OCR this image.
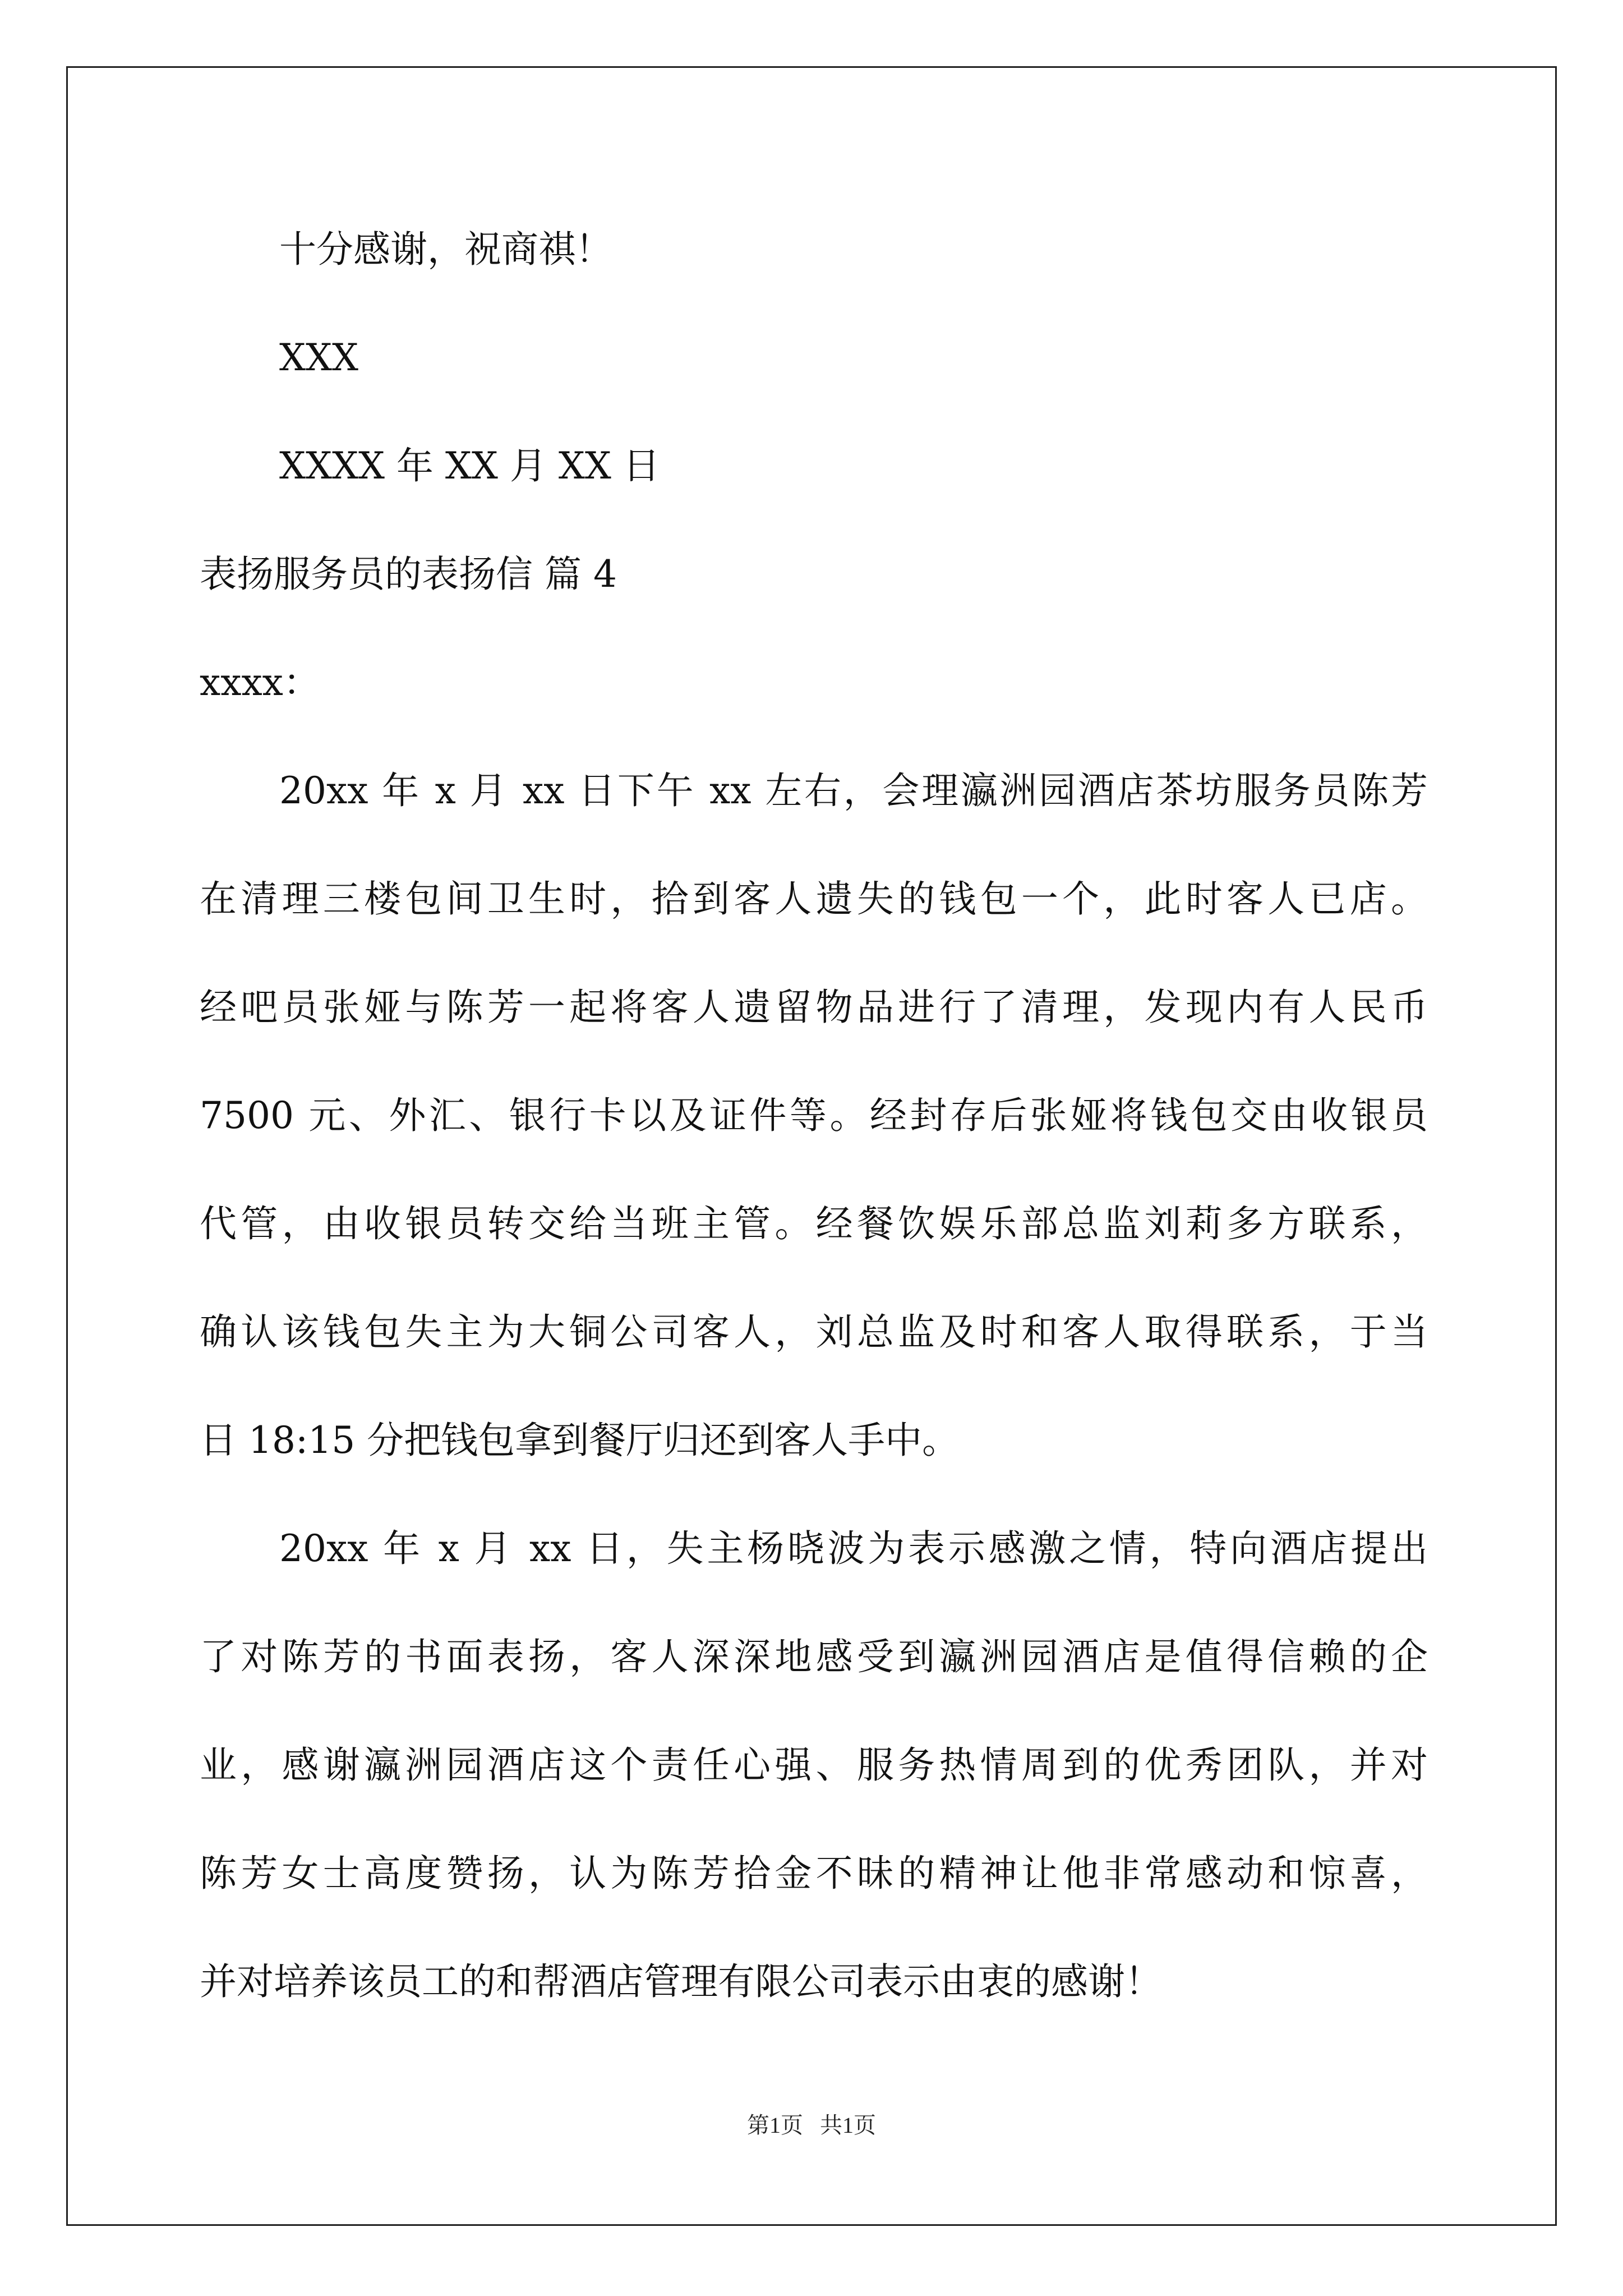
十分感谢，祝商祺！
XXX
XXXX 年 XX 月 XX 日
表扬服务员的表扬信 篇 4
xxxx：
20xx 年 x 月 xx 日下午 xx 左右，会理瀛洲园酒店茶坊服务员陈芳
在清理三楼包间卫生时，拾到客人遗失的钱包一个，此时客人已店。
经吧员张娅与陈芳一起将客人遗留物品进行了清理，发现内有人民币
7500 元、外汇、银行卡以及证件等。经封存后张娅将钱包交由收银员
代管，由收银员转交给当班主管。经餐饮娱乐部总监刘莉多方联系，
确认该钱包失主为大铜公司客人，刘总监及时和客人取得联系，于当
日 18:15 分把钱包拿到餐厅归还到客人手中。
20xx 年 x 月 xx 日，失主杨晓波为表示感激之情，特向酒店提出
了对陈芳的书面表扬，客人深深地感受到瀛洲园酒店是值得信赖的企
业，感谢瀛洲园酒店这个责任心强、服务热情周到的优秀团队，并对
陈芳女士高度赞扬，认为陈芳拾金不昧的精神让他非常感动和惊喜，
并对培养该员工的和帮酒店管理有限公司表示由衷的感谢！
第1页   共1页
